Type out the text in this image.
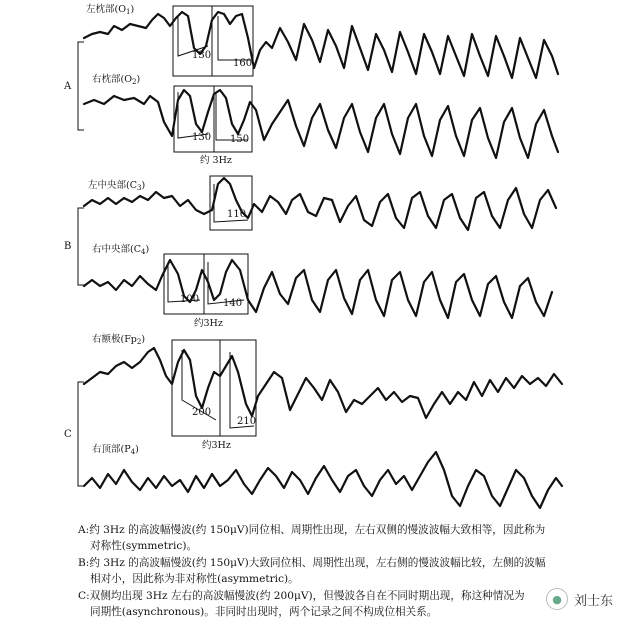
A
左枕部$(O_1)$
右枕部$(O_2)$
130
160
130 150
约 3Hz
B
左中央部$(C_3)$
右中央部$(C_4)$
110
100 140
约3Hz
C
右额极$(Fp_2)$
右顶部$(P_4)$
200
210
约3Hz

A:约 3Hz 的高波幅慢波(约 150μV)同位相、周期性出现，左右双侧的慢波波幅大致相等，因此称为

对称性(symmetric)。

B:约 3Hz 的高波幅慢波(约 150μV)大致同位相、周期性出现，左右侧的慢波波幅比较，左侧的波幅

相对小，因此称为非对称性(asymmetric)。

C:双侧均出现 3Hz 左右的高波幅慢波(约 200μV)，但慢波各自在不同时期出现，称这种情况为

同期性(asynchronous)。非同时出现时，两个记录之间不构成位相关系。

● 刘士东
